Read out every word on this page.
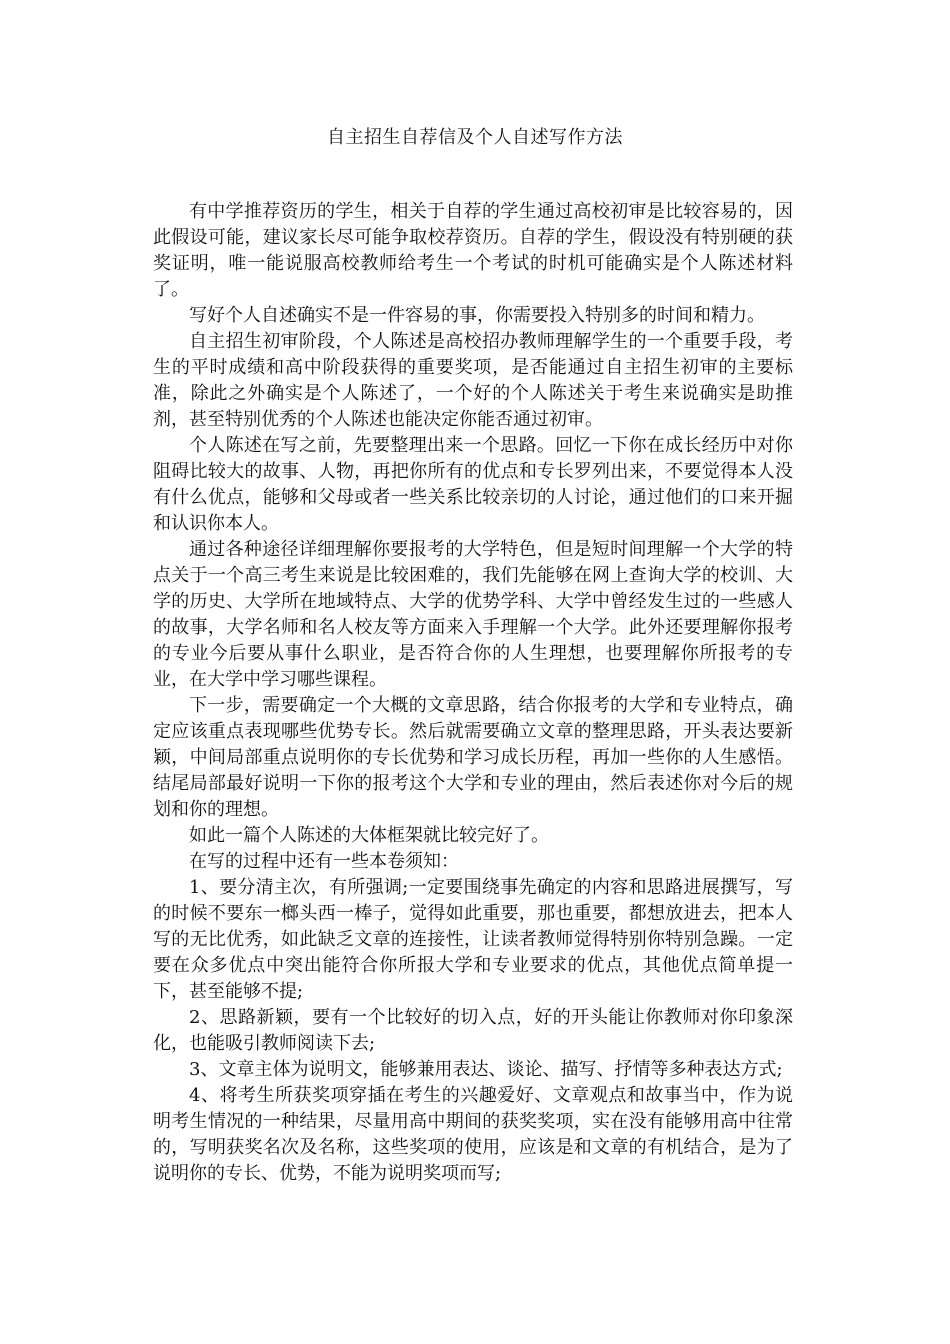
自主招生自荐信及个人自述写作方法

有中学推荐资历的学生，相关于自荐的学生通过高校初审是比较容易的，因此假设可能，建议家长尽可能争取校荐资历。自荐的学生，假设没有特别硬的获奖证明，唯一能说服高校教师给考生一个考试的时机可能确实是个人陈述材料了。

写好个人自述确实不是一件容易的事，你需要投入特别多的时间和精力。

自主招生初审阶段，个人陈述是高校招办教师理解学生的一个重要手段，考生的平时成绩和高中阶段获得的重要奖项，是否能通过自主招生初审的主要标准，除此之外确实是个人陈述了，一个好的个人陈述关于考生来说确实是助推剂，甚至特别优秀的个人陈述也能决定你能否通过初审。

个人陈述在写之前，先要整理出来一个思路。回忆一下你在成长经历中对你阻碍比较大的故事、人物，再把你所有的优点和专长罗列出来，不要觉得本人没有什么优点，能够和父母或者一些关系比较亲切的人讨论，通过他们的口来开掘和认识你本人。

通过各种途径详细理解你要报考的大学特色，但是短时间理解一个大学的特点关于一个高三考生来说是比较困难的，我们先能够在网上查询大学的校训、大学的历史、大学所在地域特点、大学的优势学科、大学中曾经发生过的一些感人的故事，大学名师和名人校友等方面来入手理解一个大学。此外还要理解你报考的专业今后要从事什么职业，是否符合你的人生理想，也要理解你所报考的专业，在大学中学习哪些课程。

下一步，需要确定一个大概的文章思路，结合你报考的大学和专业特点，确定应该重点表现哪些优势专长。然后就需要确立文章的整理思路，开头表达要新颖，中间局部重点说明你的专长优势和学习成长历程，再加一些你的人生感悟。结尾局部最好说明一下你的报考这个大学和专业的理由，然后表述你对今后的规划和你的理想。

如此一篇个人陈述的大体框架就比较完好了。

在写的过程中还有一些本卷须知：

1、要分清主次，有所强调;一定要围绕事先确定的内容和思路进展撰写，写的时候不要东一榔头西一棒子，觉得如此重要，那也重要，都想放进去，把本人写的无比优秀，如此缺乏文章的连接性，让读者教师觉得特别你特别急躁。一定要在众多优点中突出能符合你所报大学和专业要求的优点，其他优点简单提一下，甚至能够不提;

2、思路新颖，要有一个比较好的切入点，好的开头能让你教师对你印象深化，也能吸引教师阅读下去;

3、文章主体为说明文，能够兼用表达、谈论、描写、抒情等多种表达方式;

4、将考生所获奖项穿插在考生的兴趣爱好、文章观点和故事当中，作为说明考生情况的一种结果，尽量用高中期间的获奖奖项，实在没有能够用高中往常的，写明获奖名次及名称，这些奖项的使用，应该是和文章的有机结合，是为了说明你的专长、优势，不能为说明奖项而写;
